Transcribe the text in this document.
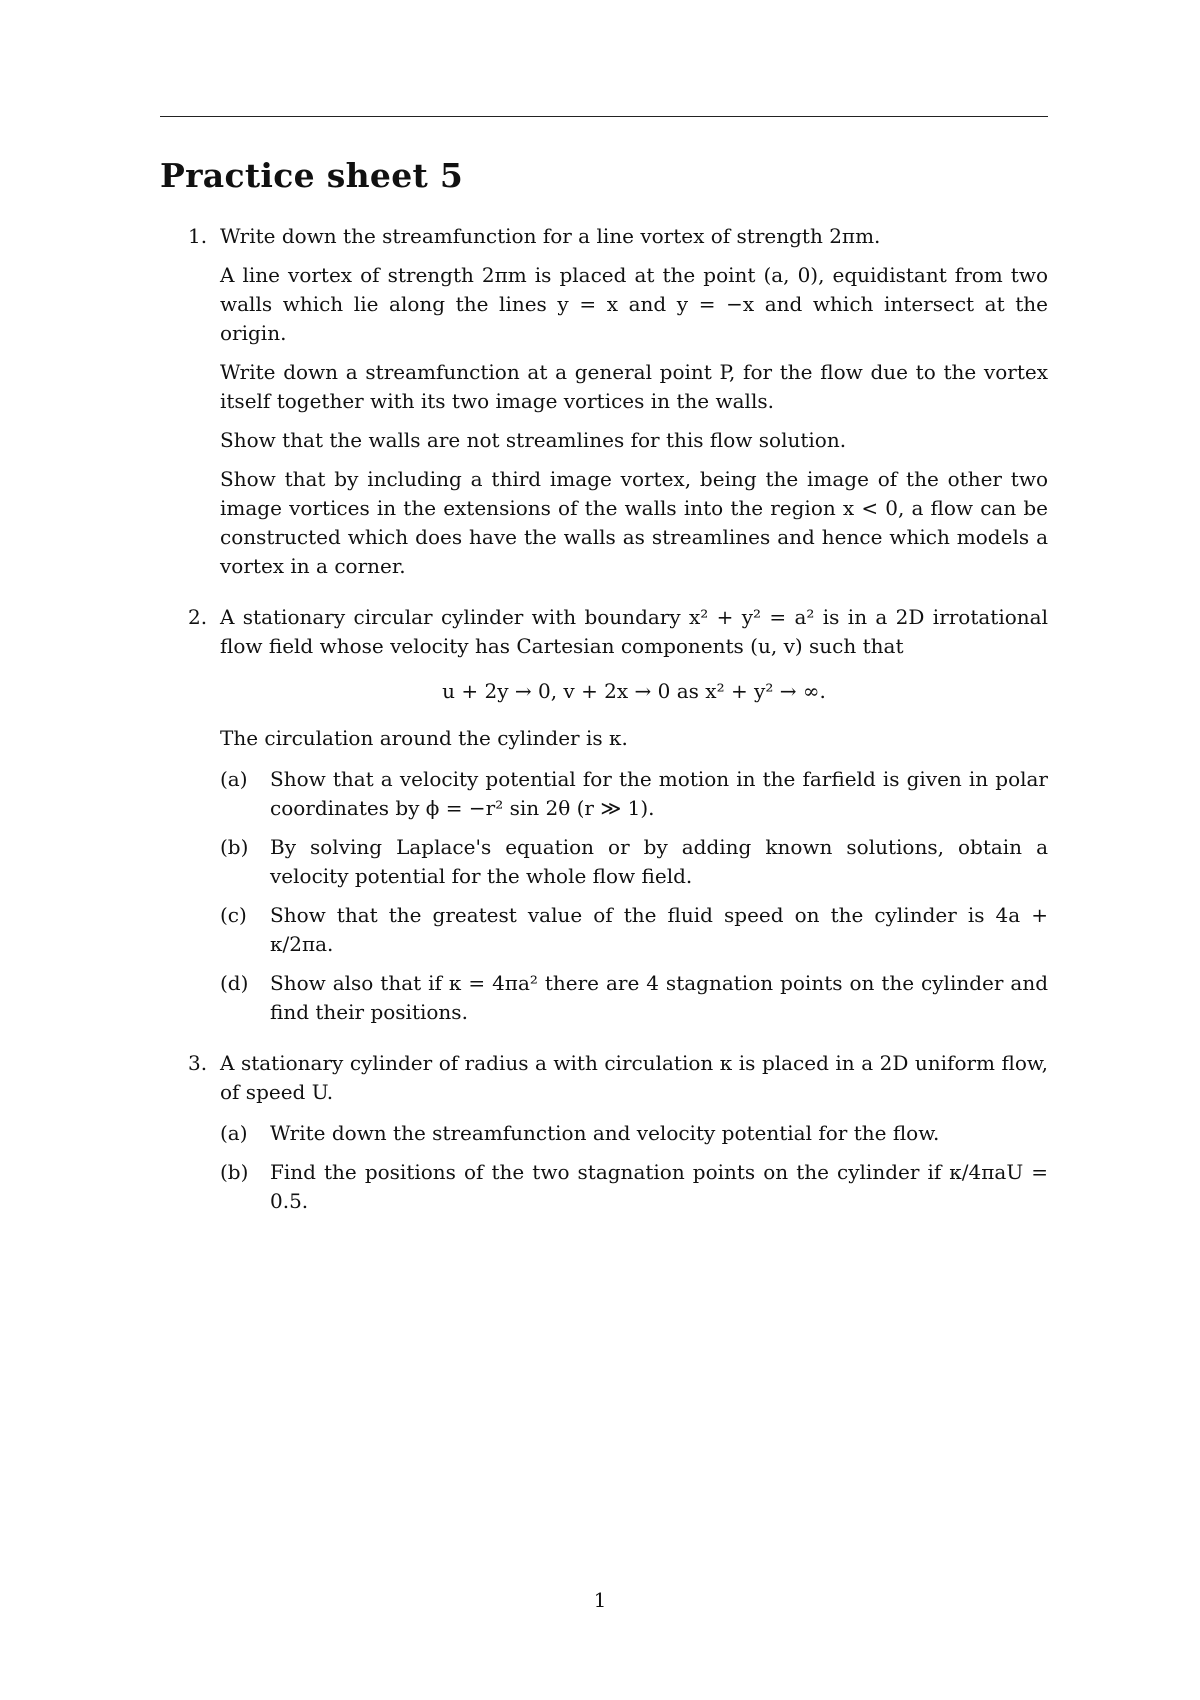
Practice sheet 5
1. Write down the streamfunction for a line vortex of strength 2πm.

A line vortex of strength 2πm is placed at the point (a, 0), equidistant from two walls which lie along the lines y = x and y = −x and which intersect at the origin.

Write down a streamfunction at a general point P, for the flow due to the vortex itself together with its two image vortices in the walls.

Show that the walls are not streamlines for this flow solution.

Show that by including a third image vortex, being the image of the other two image vortices in the extensions of the walls into the region x < 0, a flow can be constructed which does have the walls as streamlines and hence which models a vortex in a corner.

2. A stationary circular cylinder with boundary x² + y² = a² is in a 2D irrotational flow field whose velocity has Cartesian components (u, v) such that

u + 2y → 0, v + 2x → 0 as x² + y² → ∞.

The circulation around the cylinder is κ.

(a) Show that a velocity potential for the motion in the farfield is given in polar coordinates by ϕ = −r² sin 2θ (r ≫ 1).
(b) By solving Laplace's equation or by adding known solutions, obtain a velocity potential for the whole flow field.
(c) Show that the greatest value of the fluid speed on the cylinder is 4a + κ/2πa.
(d) Show also that if κ = 4πa² there are 4 stagnation points on the cylinder and find their positions.
3. A stationary cylinder of radius a with circulation κ is placed in a 2D uniform flow, of speed U.

(a) Write down the streamfunction and velocity potential for the flow.
(b) Find the positions of the two stagnation points on the cylinder if κ/4πaU = 0.5.
1
